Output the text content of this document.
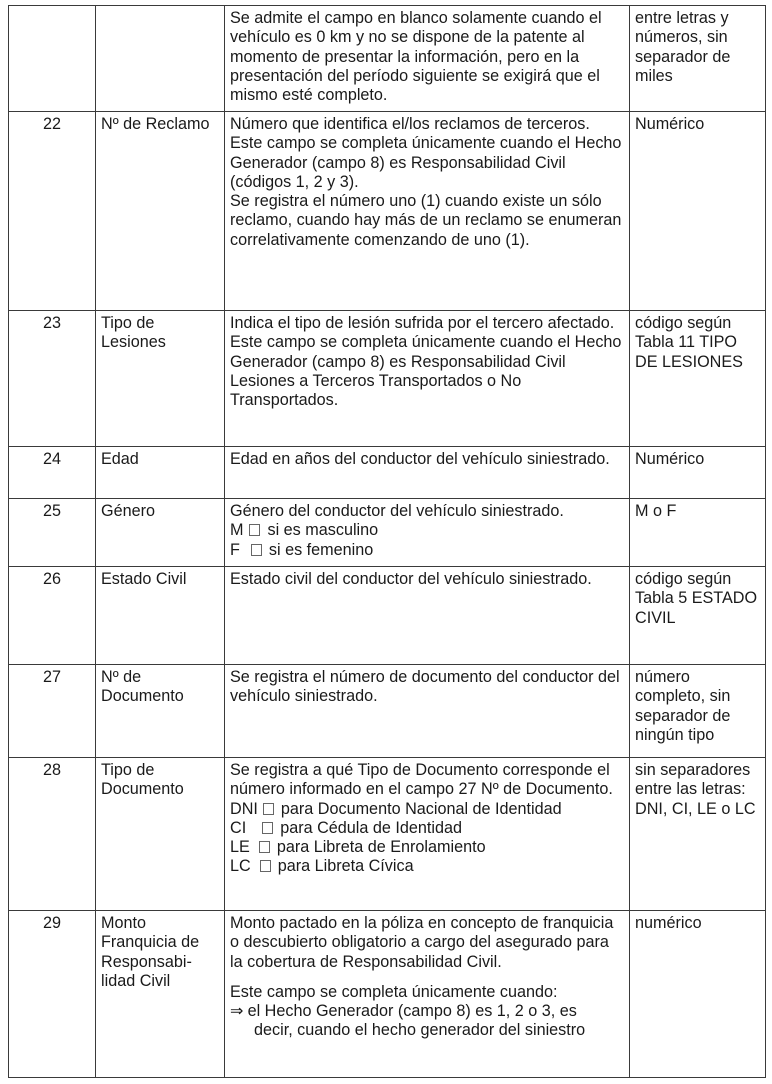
		Se admite el campo en blanco solamente cuando el vehículo es 0 km y no se dispone de la patente al momento de presentar la información, pero en la presentación del período siguiente se exigirá que el mismo esté completo.	entre letras y números, sin separador de miles
22	Nº de Reclamo	Número que identifica el/los reclamos de terceros.
Este campo se completa únicamente cuando el Hecho Generador (campo 8) es Responsabilidad Civil (códigos 1, 2 y 3).
Se registra el número uno (1) cuando existe un sólo reclamo, cuando hay más de un reclamo se enumeran correlativamente comenzando de uno (1).	Numérico
23	Tipo de Lesiones	Indica el tipo de lesión sufrida por el tercero afectado.
Este campo se completa únicamente cuando el Hecho Generador (campo 8) es Responsabilidad Civil Lesiones a Terceros Transportados o No Transportados.	código según Tabla 11 TIPO DE LESIONES
24	Edad	Edad en años del conductor del vehículo siniestrado.	Numérico
25	Género	Género del conductor del vehículo siniestrado.
M si es masculino
F si es femenino	M o F
26	Estado Civil	Estado civil del conductor del vehículo siniestrado.	código según Tabla 5 ESTADO CIVIL
27	Nº de Documento	Se registra el número de documento del conductor del vehículo siniestrado.	número completo, sin separador de ningún tipo
28	Tipo de Documento	Se registra a qué Tipo de Documento corresponde el número informado en el campo 27 Nº de Documento.
DNI para Documento Nacional de Identidad
CI para Cédula de Identidad
LE para Libreta de Enrolamiento
LC para Libreta Cívica	sin separadores entre las letras: DNI, CI, LE o LC
29	Monto Franquicia de Responsabi-lidad Civil	Monto pactado en la póliza en concepto de franquicia o descubierto obligatorio a cargo del asegurado para la cobertura de Responsabilidad Civil.
Este campo se completa únicamente cuando:
⇒ el Hecho Generador (campo 8) es 1, 2 o 3, es
decir, cuando el hecho generador del siniestro	numérico
